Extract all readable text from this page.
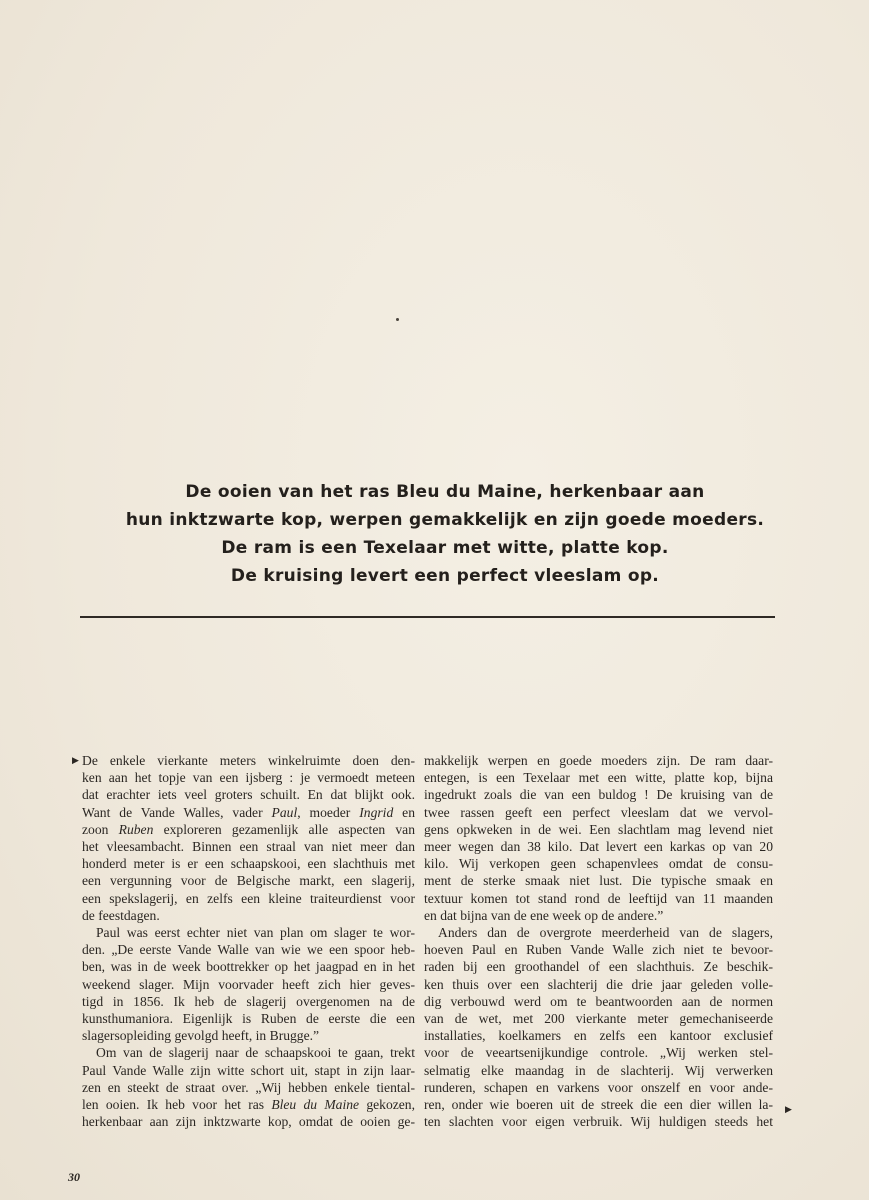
De ooien van het ras Bleu du Maine, herkenbaar aan
hun inktzwarte kop, werpen gemakkelijk en zijn goede moeders.
De ram is een Texelaar met witte, platte kop.
De kruising levert een perfect vleeslam op.
▶ De enkele vierkante meters winkelruimte doen den-
ken aan het topje van een ijsberg : je vermoedt meteen
dat erachter iets veel groters schuilt. En dat blijkt ook.
Want de Vande Walles, vader Paul, moeder Ingrid en
zoon Ruben exploreren gezamenlijk alle aspecten van
het vleesambacht. Binnen een straal van niet meer dan
honderd meter is er een schaapskooi, een slachthuis met
een vergunning voor de Belgische markt, een slagerij,
een spekslagerij, en zelfs een kleine traiteurdienst voor
de feestdagen.
Paul was eerst echter niet van plan om slager te wor-
den. „De eerste Vande Walle van wie we een spoor heb-
ben, was in de week boottrekker op het jaagpad en in het
weekend slager. Mijn voorvader heeft zich hier geves-
tigd in 1856. Ik heb de slagerij overgenomen na de
kunsthumaniora. Eigenlijk is Ruben de eerste die een
slagersopleiding gevolgd heeft, in Brugge.”
Om van de slagerij naar de schaapskooi te gaan, trekt
Paul Vande Walle zijn witte schort uit, stapt in zijn laar-
zen en steekt de straat over. „Wij hebben enkele tiental-
len ooien. Ik heb voor het ras Bleu du Maine gekozen,
herkenbaar aan zijn inktzwarte kop, omdat de ooien ge-
makkelijk werpen en goede moeders zijn. De ram daar-
entegen, is een Texelaar met een witte, platte kop, bijna
ingedrukt zoals die van een buldog ! De kruising van de
twee rassen geeft een perfect vleeslam dat we vervol-
gens opkweken in de wei. Een slachtlam mag levend niet
meer wegen dan 38 kilo. Dat levert een karkas op van 20
kilo. Wij verkopen geen schapenvlees omdat de consu-
ment de sterke smaak niet lust. Die typische smaak en
textuur komen tot stand rond de leeftijd van 11 maanden
en dat bijna van de ene week op de andere.”
Anders dan de overgrote meerderheid van de slagers,
hoeven Paul en Ruben Vande Walle zich niet te bevoor-
raden bij een groothandel of een slachthuis. Ze beschik-
ken thuis over een slachterij die drie jaar geleden volle-
dig verbouwd werd om te beantwoorden aan de normen
van de wet, met 200 vierkante meter gemechaniseerde
installaties, koelkamers en zelfs een kantoor exclusief
voor de veeartsenijkundige controle. „Wij werken stel-
selmatig elke maandag in de slachterij. Wij verwerken
runderen, schapen en varkens voor onszelf en voor ande-
ren, onder wie boeren uit de streek die een dier willen la-
ten slachten voor eigen verbruik. Wij huldigen steeds het
▶
30
